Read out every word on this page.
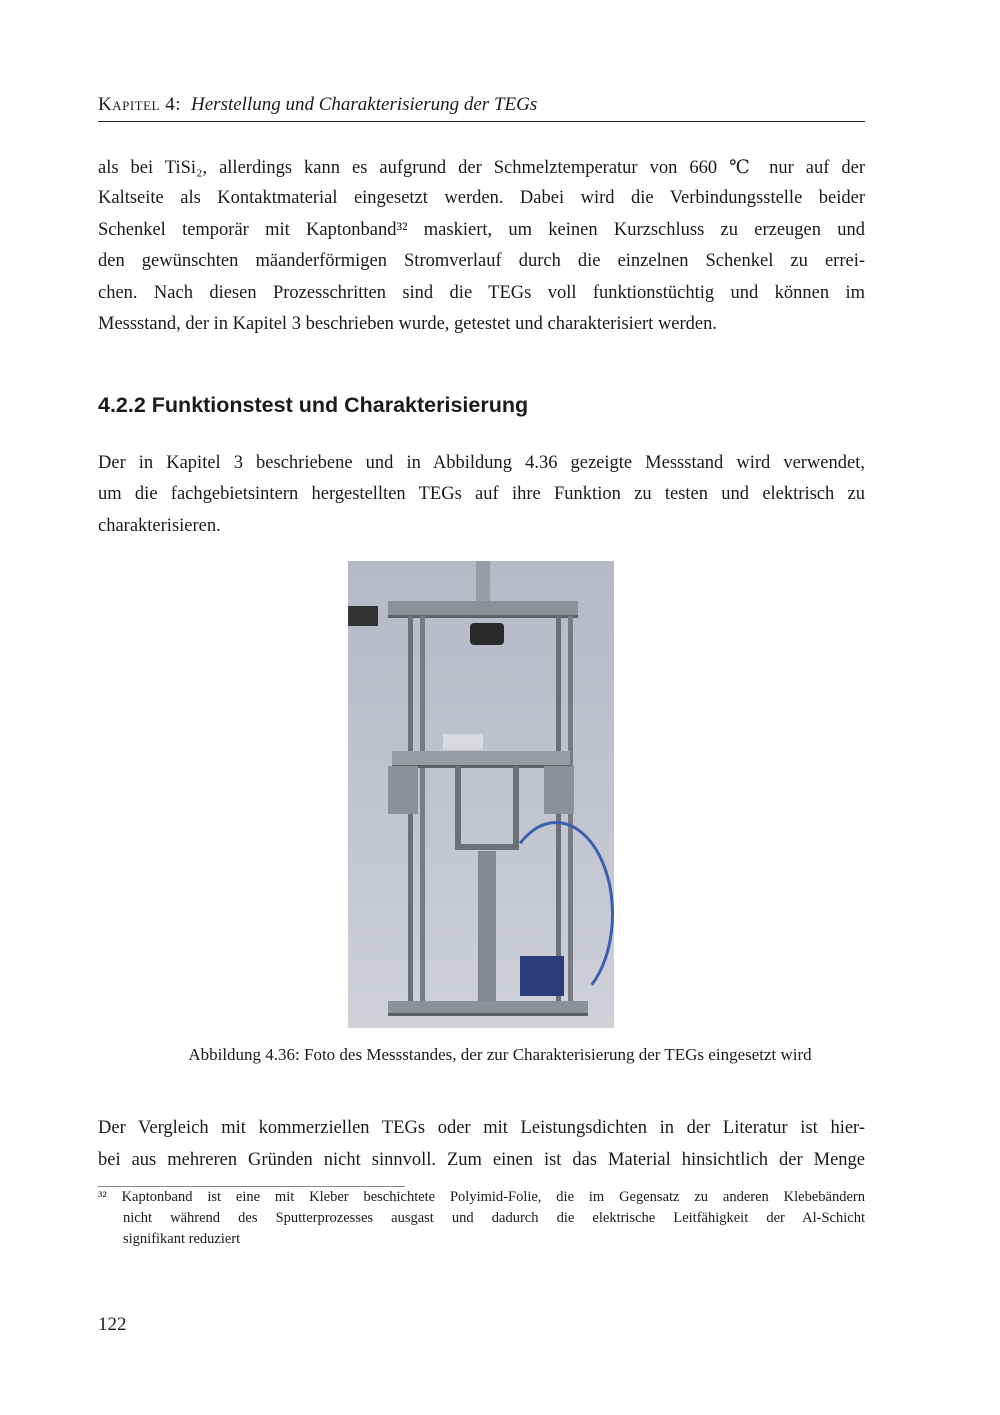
Kapitel 4: Herstellung und Charakterisierung der TEGs
als bei TiSi₂, allerdings kann es aufgrund der Schmelztemperatur von 660 ℃ nur auf der
Kaltseite als Kontaktmaterial eingesetzt werden. Dabei wird die Verbindungsstelle beider
Schenkel temporär mit Kaptonband³² maskiert, um keinen Kurzschluss zu erzeugen und
den gewünschten mäanderförmigen Stromverlauf durch die einzelnen Schenkel zu errei-
chen. Nach diesen Prozesschritten sind die TEGs voll funktionstüchtig und können im
Messstand, der in Kapitel 3 beschrieben wurde, getestet und charakterisiert werden.
4.2.2 Funktionstest und Charakterisierung
Der in Kapitel 3 beschriebene und in Abbildung 4.36 gezeigte Messstand wird verwendet,
um die fachgebietsintern hergestellten TEGs auf ihre Funktion zu testen und elektrisch zu
charakterisieren.
Abbildung 4.36: Foto des Messstandes, der zur Charakterisierung der TEGs eingesetzt wird
Der Vergleich mit kommerziellen TEGs oder mit Leistungsdichten in der Literatur ist hier-
bei aus mehreren Gründen nicht sinnvoll. Zum einen ist das Material hinsichtlich der Menge
³² Kaptonband ist eine mit Kleber beschichtete Polyimid-Folie, die im Gegensatz zu anderen Klebebändern
nicht während des Sputterprozesses ausgast und dadurch die elektrische Leitfähigkeit der Al-Schicht
signifikant reduziert
122
